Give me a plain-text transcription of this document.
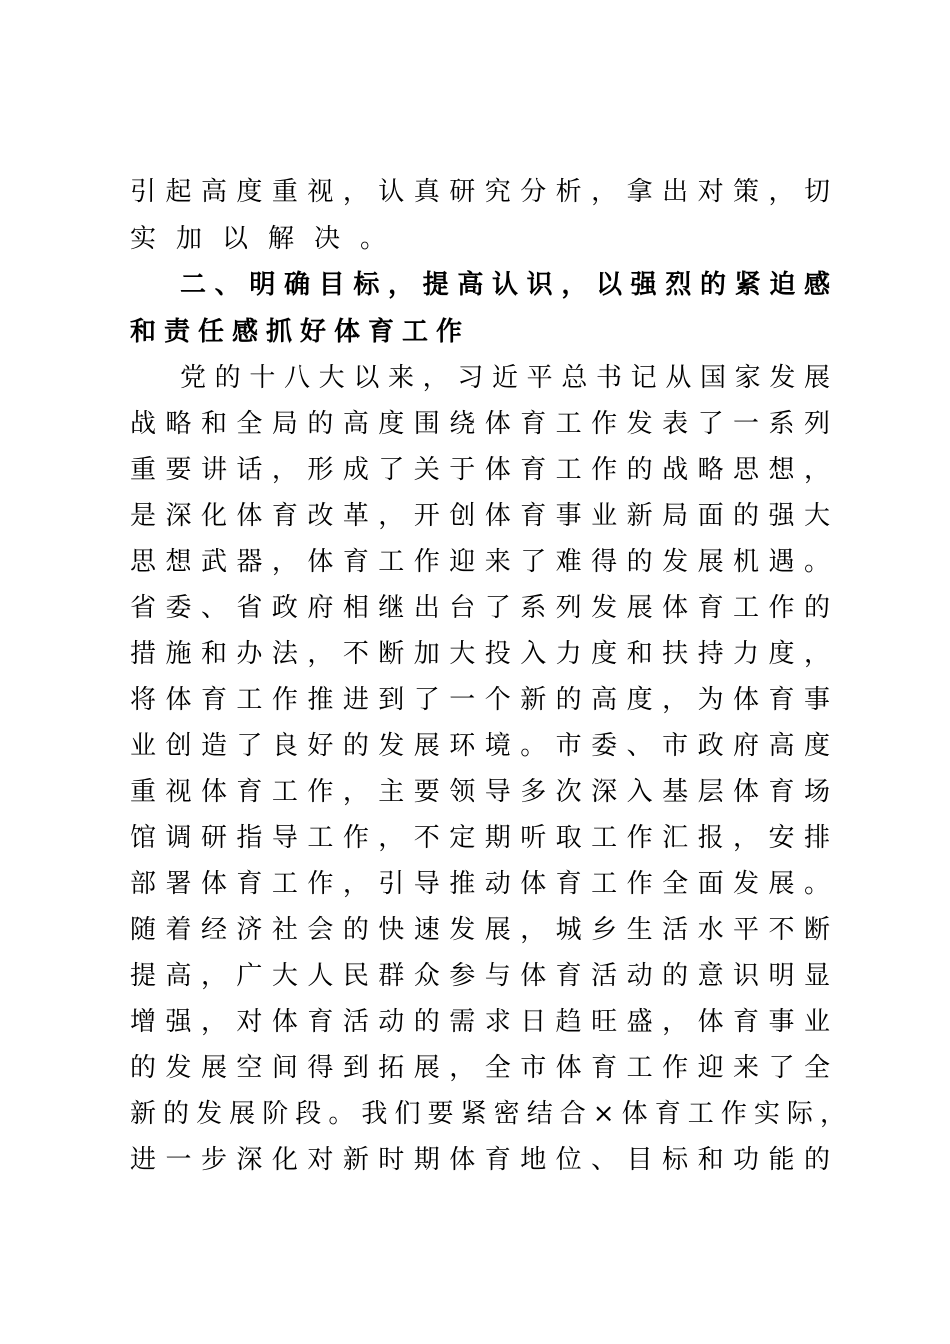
引起高度重视，认真研究分析，拿出对策，切
实加以解决。
二、明确目标，提高认识，以强烈的紧迫感
和责任感抓好体育工作
党的十八大以来，习近平总书记从国家发展
战略和全局的高度围绕体育工作发表了一系列
重要讲话，形成了关于体育工作的战略思想，
是深化体育改革，开创体育事业新局面的强大
思想武器，体育工作迎来了难得的发展机遇。
省委、省政府相继出台了系列发展体育工作的
措施和办法，不断加大投入力度和扶持力度，
将体育工作推进到了一个新的高度，为体育事
业创造了良好的发展环境。市委、市政府高度
重视体育工作，主要领导多次深入基层体育场
馆调研指导工作，不定期听取工作汇报，安排
部署体育工作，引导推动体育工作全面发展。
随着经济社会的快速发展，城乡生活水平不断
提高，广大人民群众参与体育活动的意识明显
增强，对体育活动的需求日趋旺盛，体育事业
的发展空间得到拓展，全市体育工作迎来了全
新的发展阶段。我们要紧密结合×体育工作实际，
进一步深化对新时期体育地位、目标和功能的
